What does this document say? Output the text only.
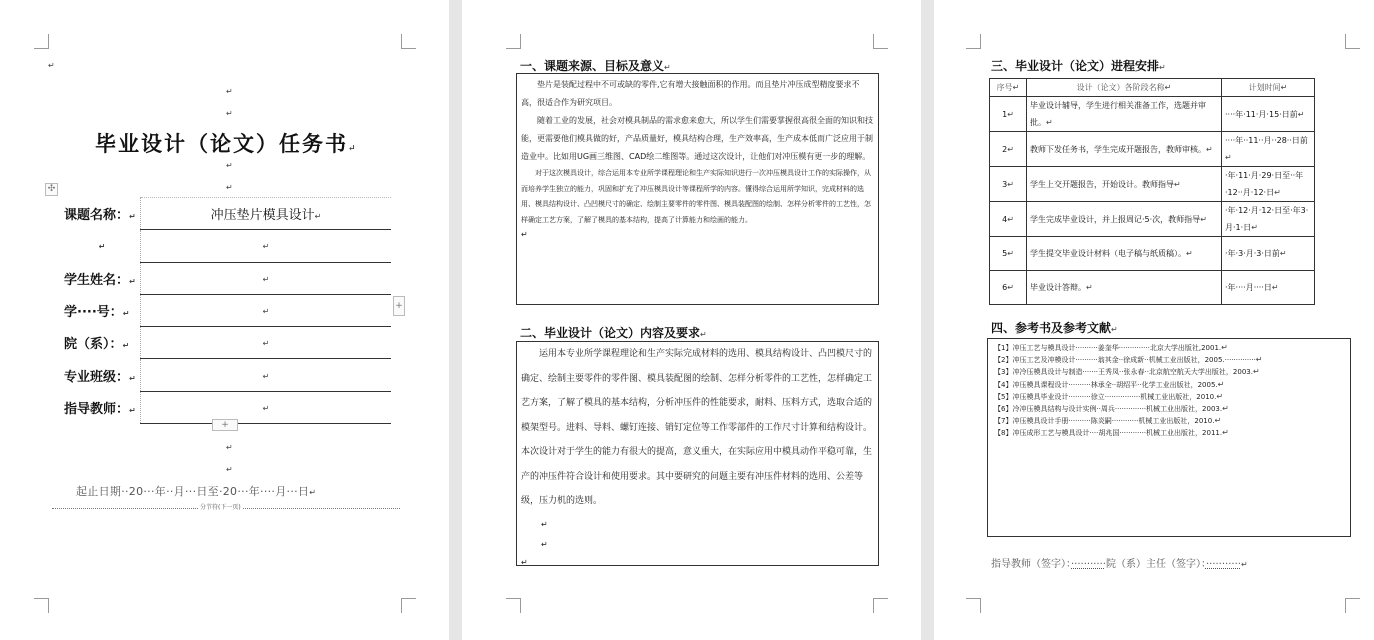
↵
↵
↵
毕业设计（论文）任务书↵
↵
↵
✣
课题名称：↵	冲压垫片模具设计↵
↵	↵
学生姓名：↵	↵
学····号：↵	↵
院（系）：↵	↵
专业班级：↵	↵
指导教师：↵	↵
+
+
↵
↵
起止日期··20···年··月···日至·20···年····月···日↵
分节符(下一页)
一、课题来源、目标及意义↵

垫片是装配过程中不可或缺的零件,它有增大接触面积的作用。而且垫片冲压成型精度要求不高，很适合作为研究项目。

随着工业的发展，社会对模具制品的需求愈来愈大，所以学生们需要掌握很高很全面的知识和技能，更需要他们模具做的好，产品质量好，模具结构合理，生产效率高，生产成本低而广泛应用于制造业中。比如用UG画三维图、CAD绘二维图等。通过这次设计，让他们对冲压模有更一步的理解。

对于这次模具设计，综合运用本专业所学课程理论和生产实际知识进行一次冲压模具设计工作的实际操作，从而培养学生独立的能力，巩固和扩充了冲压模具设计等课程所学的内容。懂得综合运用所学知识，完成材料的选用、模具结构设计、凸凹模尺寸的确定、绘制主要零件的零件图、模具装配图的绘制、怎样分析零件的工艺性，怎样确定工艺方案，了解了模具的基本结构，提高了计算能力和绘画的能力。

↵

二、毕业设计（论文）内容及要求↵

运用本专业所学课程理论和生产实际完成材料的选用、模具结构设计、凸凹模尺寸的确定、绘制主要零件的零件图、模具装配图的绘制、怎样分析零件的工艺性，怎样确定工艺方案，了解了模具的基本结构，分析冲压件的性能要求，耐料、压料方式，选取合适的模架型号。进料、导料、螺钉连接、销钉定位等工作零部件的工作尺寸计算和结构设计。本次设计对于学生的能力有很大的提高，意义重大，在实际应用中模具动作平稳可靠，生产的冲压件符合设计和使用要求。其中要研究的问题主要有冲压件材料的选用、公差等级，压力机的选则。

↵

↵

↵

三、毕业设计（论文）进程安排↵
序号↵	设计（论文）各阶段名称↵	计划时间↵
1↵	毕业设计辅导，学生进行相关准备工作，选题并审批。↵	····年·11·月·15·日前↵
2↵	教师下发任务书，学生完成开题报告，教师审核。↵	····年··11··月··28··日前↵
3↵	学生上交开题报告，开始设计。教师指导↵	·年·11·月·29·日至··年·12··月·12·日↵
4↵	学生完成毕业设计，并上报周记·5·次，教师指导↵	·年·12·月·12·日至·年3·月·1·日↵
5↵	学生提交毕业设计材料（电子稿与纸质稿）。↵	·年·3·月·3·日前↵
6↵	毕业设计答辩。↵	·年····月····日↵
四、参考书及参考文献↵
【1】冲压工艺与模具设计··········姜奎华··············北京大学出版社,2001.↵
【2】冲压工艺及冲模设计··········翁其金··徐成新··机械工业出版社，2005.··············↵
【3】冲冷压模具设计与制造·······王秀凤··张永春··北京航空航天大学出版社，2003.↵
【4】冲压模具课程设计··········林承全··胡绍平··化学工业出版社，2005.↵
【5】冲压模具毕业设计··········徐立················机械工业出版社，2010.↵
【6】冷冲压模具结构与设计实例··周兵··············机械工业出版社，2003.↵
【7】冲压模具设计手册··········陈炎嗣············机械工业出版社，2010.↵
【8】冲压成形工艺与模具设计····胡兆国············机械工业出版社，2011.↵
指导教师（签字）：···········院（系）主任（签字）：···········↵
